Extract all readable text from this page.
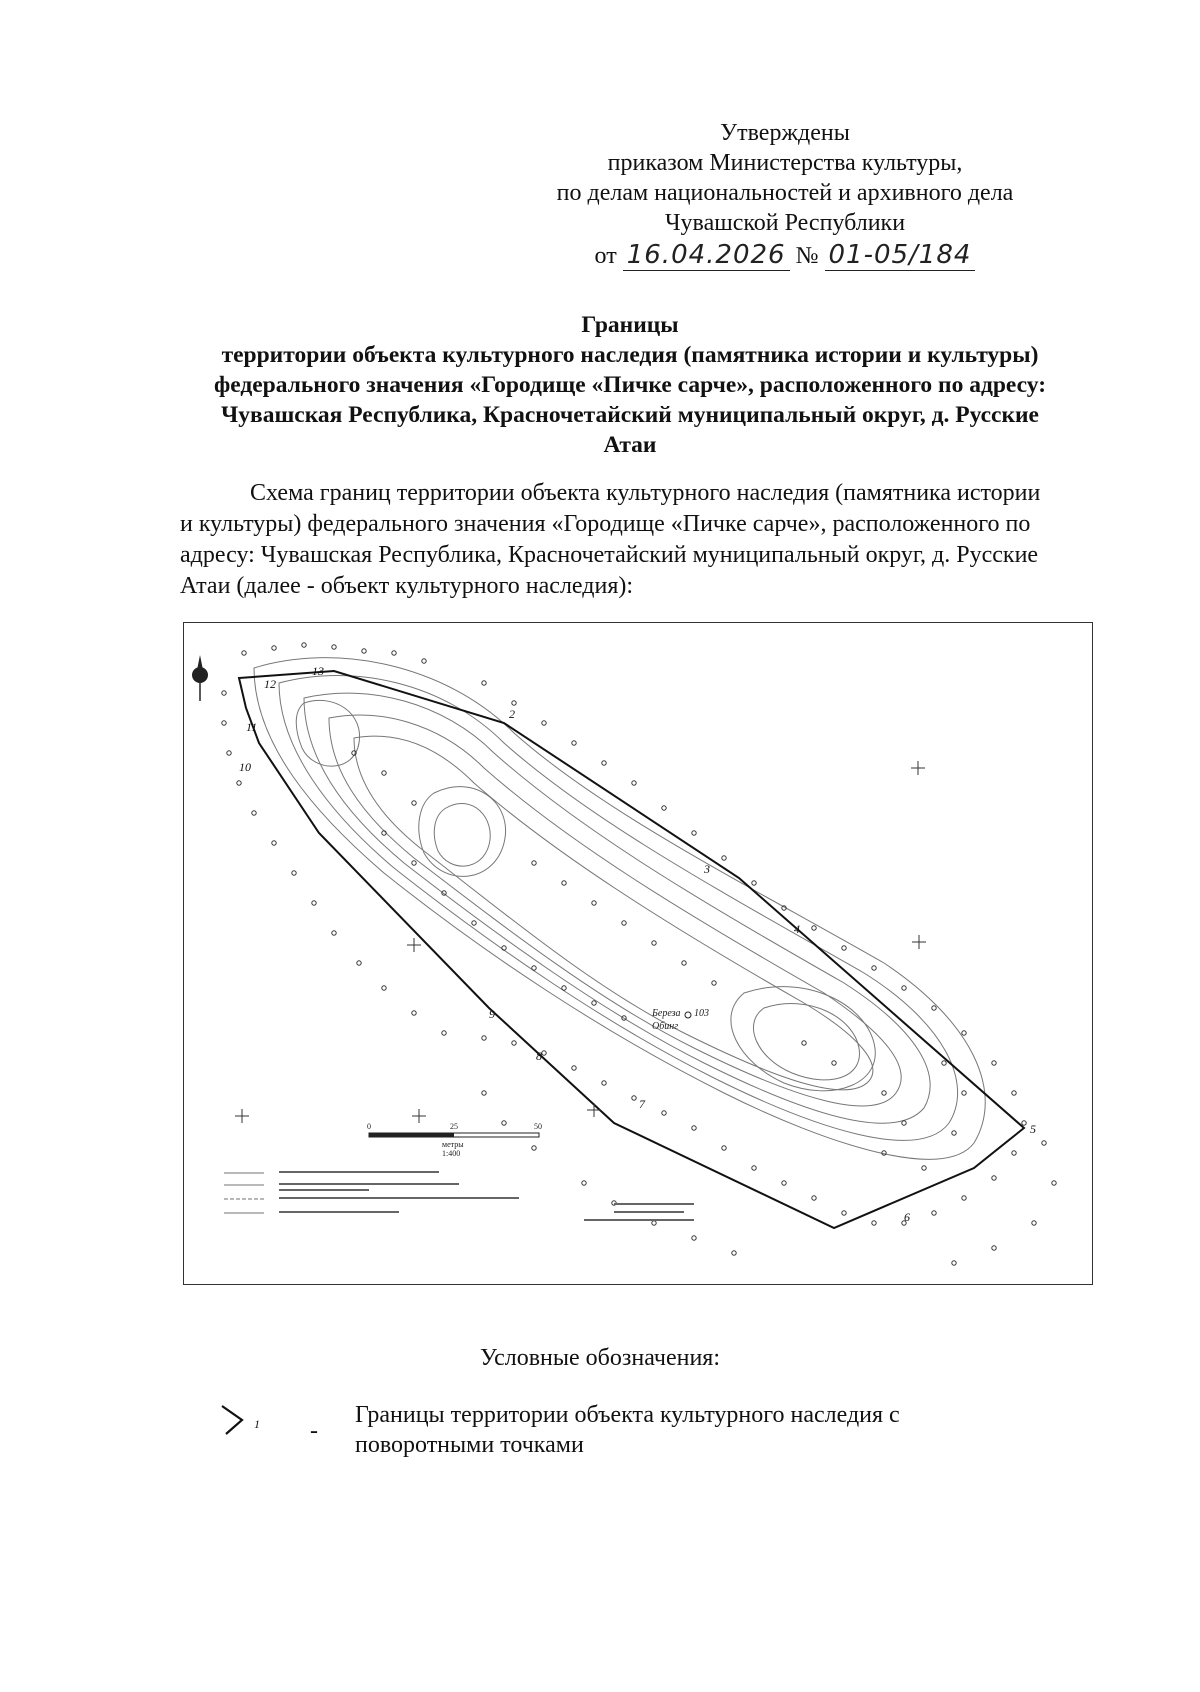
Утверждены
приказом Министерства культуры,
по делам национальностей и архивного дела
Чувашской Республики
от 16.04.2026 № 01-05/184
Границы
территории объекта культурного наследия (памятника истории и культуры)
федерального значения «Городище «Пичке сарче», расположенного по адресу:
Чувашская Республика, Красночетайский муниципальный округ, д. Русские
Атаи
Схема границ территории объекта культурного наследия (памятника истории
и культуры) федерального значения «Городище «Пичке сарче», расположенного по
адресу: Чувашская Республика, Красночетайский муниципальный округ, д. Русские
Атаи (далее - объект культурного наследия):
2
3
4
5
6
7
8
9
10
11
12
13
Береза
Обинг
103
0	25	50
метры
1:400
Условные обозначения:
1 -
Границы территории объекта культурного наследия с
поворотными точками
